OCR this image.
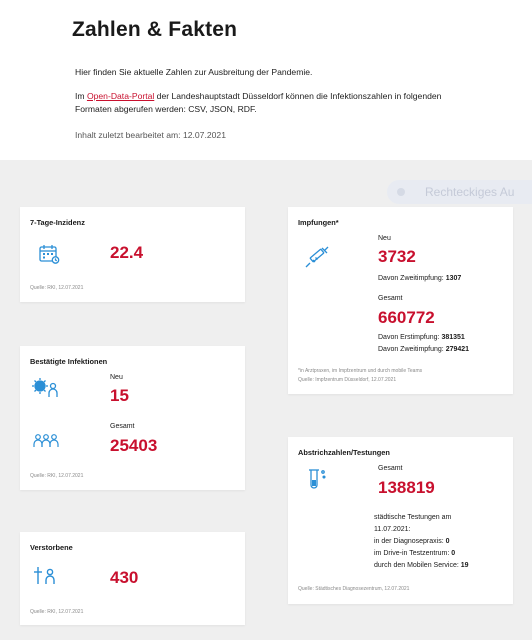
Zahlen & Fakten

Hier finden Sie aktuelle Zahlen zur Ausbreitung der Pandemie.

Im Open-Data-Portal der Landeshauptstadt Düsseldorf können die Infektionszahlen in folgenden Formaten abgerufen werden: CSV, JSON, RDF.

Inhalt zuletzt bearbeitet am: 12.07.2021

Rechteckiges Au
7-Tage-Inzidenz
22.4
Quelle: RKI, 12.07.2021
Bestätigte Infektionen
Neu
15
Gesamt
25403
Quelle: RKI, 12.07.2021
Verstorbene
430
Quelle: RKI, 12.07.2021
Impfungen*
Neu
3732
Davon Zweitimpfung: 1307
Gesamt
660772
Davon Erstimpfung: 381351
Davon Zweitimpfung: 279421
*in Arztpraxen, im Impfzentrum und durch mobile Teams
Quelle: Impfzentrum Düsseldorf, 12.07.2021
Abstrichzahlen/Testungen
Gesamt
138819
städtische Testungen am
11.07.2021:
in der Diagnosepraxis: 0
im Drive-in Testzentrum: 0
durch den Mobilen Service: 19
Quelle: Städtisches Diagnosezentrum, 12.07.2021
